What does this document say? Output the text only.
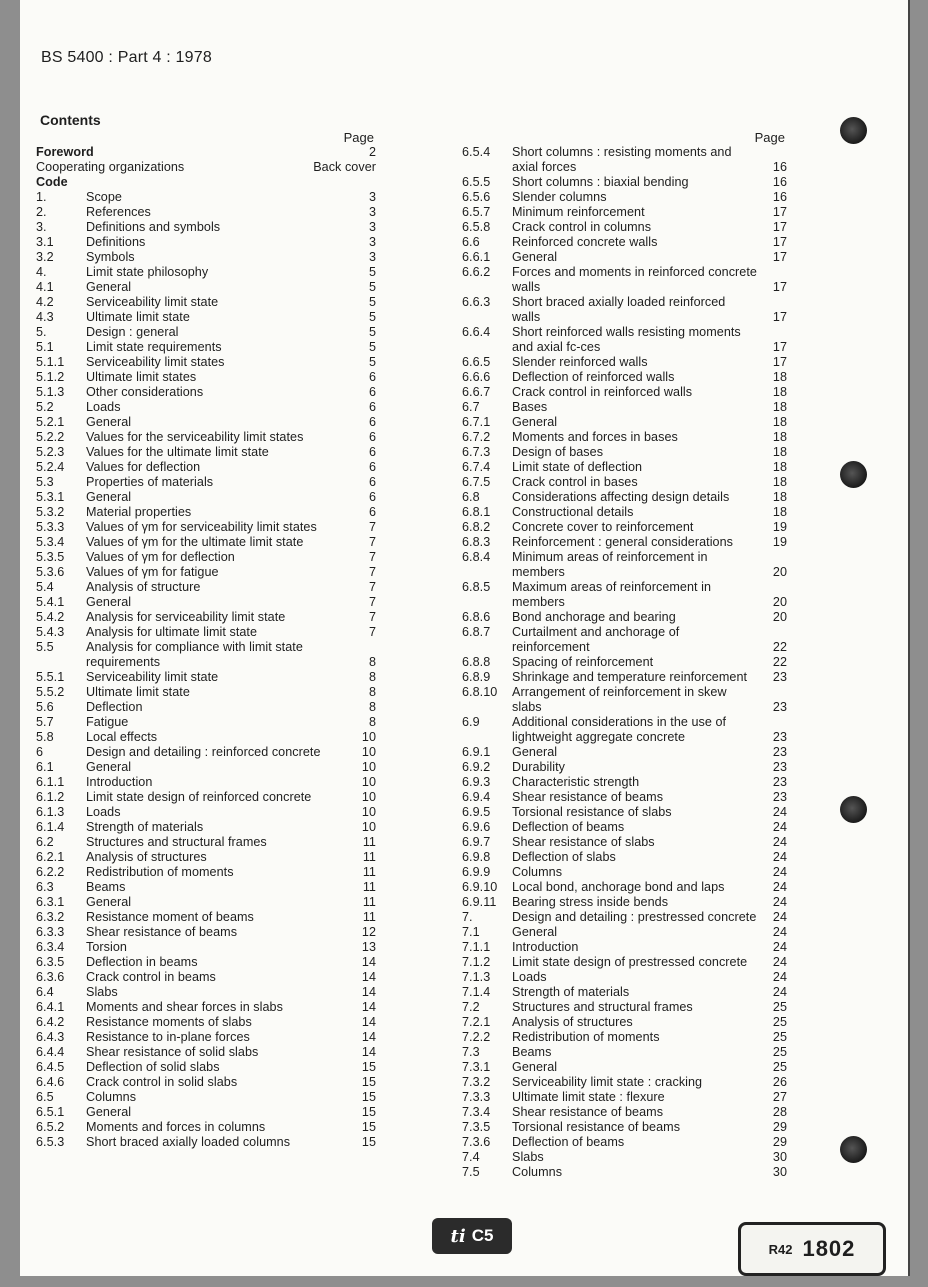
BS 5400 : Part 4 : 1978
Contents
Page
Foreword	2
Cooperating organizations	Back cover
Code
1.	Scope	3
2.	References	3
3.	Definitions and symbols	3
3.1	Definitions	3
3.2	Symbols	3
4.	Limit state philosophy	5
4.1	General	5
4.2	Serviceability limit state	5
4.3	Ultimate limit state	5
5.	Design : general	5
5.1	Limit state requirements	5
5.1.1	Serviceability limit states	5
5.1.2	Ultimate limit states	6
5.1.3	Other considerations	6
5.2	Loads	6
5.2.1	General	6
5.2.2	Values for the serviceability limit states	6
5.2.3	Values for the ultimate limit state	6
5.2.4	Values for deflection	6
5.3	Properties of materials	6
5.3.1	General	6
5.3.2	Material properties	6
5.3.3	Values of γm for serviceability limit states	7
5.3.4	Values of γm for the ultimate limit state	7
5.3.5	Values of γm for deflection	7
5.3.6	Values of γm for fatigue	7
5.4	Analysis of structure	7
5.4.1	General	7
5.4.2	Analysis for serviceability limit state	7
5.4.3	Analysis for ultimate limit state	7
5.5	Analysis for compliance with limit state requirements	8
5.5.1	Serviceability limit state	8
5.5.2	Ultimate limit state	8
5.6	Deflection	8
5.7	Fatigue	8
5.8	Local effects	10
6	Design and detailing : reinforced concrete	10
6.1	General	10
6.1.1	Introduction	10
6.1.2	Limit state design of reinforced concrete	10
6.1.3	Loads	10
6.1.4	Strength of materials	10
6.2	Structures and structural frames	11
6.2.1	Analysis of structures	11
6.2.2	Redistribution of moments	11
6.3	Beams	11
6.3.1	General	11
6.3.2	Resistance moment of beams	11
6.3.3	Shear resistance of beams	12
6.3.4	Torsion	13
6.3.5	Deflection in beams	14
6.3.6	Crack control in beams	14
6.4	Slabs	14
6.4.1	Moments and shear forces in slabs	14
6.4.2	Resistance moments of slabs	14
6.4.3	Resistance to in-plane forces	14
6.4.4	Shear resistance of solid slabs	14
6.4.5	Deflection of solid slabs	15
6.4.6	Crack control in solid slabs	15
6.5	Columns	15
6.5.1	General	15
6.5.2	Moments and forces in columns	15
6.5.3	Short braced axially loaded columns	15
Page
6.5.4	Short columns : resisting moments and axial forces	16
6.5.5	Short columns : biaxial bending	16
6.5.6	Slender columns	16
6.5.7	Minimum reinforcement	17
6.5.8	Crack control in columns	17
6.6	Reinforced concrete walls	17
6.6.1	General	17
6.6.2	Forces and moments in reinforced concrete walls	17
6.6.3	Short braced axially loaded reinforced walls	17
6.6.4	Short reinforced walls resisting moments and axial fc-ces	17
6.6.5	Slender reinforced walls	17
6.6.6	Deflection of reinforced walls	18
6.6.7	Crack control in reinforced walls	18
6.7	Bases	18
6.7.1	General	18
6.7.2	Moments and forces in bases	18
6.7.3	Design of bases	18
6.7.4	Limit state of deflection	18
6.7.5	Crack control in bases	18
6.8	Considerations affecting design details	18
6.8.1	Constructional details	18
6.8.2	Concrete cover to reinforcement	19
6.8.3	Reinforcement : general considerations	19
6.8.4	Minimum areas of reinforcement in members	20
6.8.5	Maximum areas of reinforcement in members	20
6.8.6	Bond anchorage and bearing	20
6.8.7	Curtailment and anchorage of reinforcement	22
6.8.8	Spacing of reinforcement	22
6.8.9	Shrinkage and temperature reinforcement	23
6.8.10	Arrangement of reinforcement in skew slabs	23
6.9	Additional considerations in the use of lightweight aggregate concrete	23
6.9.1	General	23
6.9.2	Durability	23
6.9.3	Characteristic strength	23
6.9.4	Shear resistance of beams	23
6.9.5	Torsional resistance of slabs	24
6.9.6	Deflection of beams	24
6.9.7	Shear resistance of slabs	24
6.9.8	Deflection of slabs	24
6.9.9	Columns	24
6.9.10	Local bond, anchorage bond and laps	24
6.9.11	Bearing stress inside bends	24
7.	Design and detailing : prestressed concrete	24
7.1	General	24
7.1.1	Introduction	24
7.1.2	Limit state design of prestressed concrete	24
7.1.3	Loads	24
7.1.4	Strength of materials	24
7.2	Structures and structural frames	25
7.2.1	Analysis of structures	25
7.2.2	Redistribution of moments	25
7.3	Beams	25
7.3.1	General	25
7.3.2	Serviceability limit state : cracking	26
7.3.3	Ultimate limit state : flexure	27
7.3.4	Shear resistance of beams	28
7.3.5	Torsional resistance of beams	29
7.3.6	Deflection of beams	29
7.4	Slabs	30
7.5	Columns	30
ti C5
R42 1802
